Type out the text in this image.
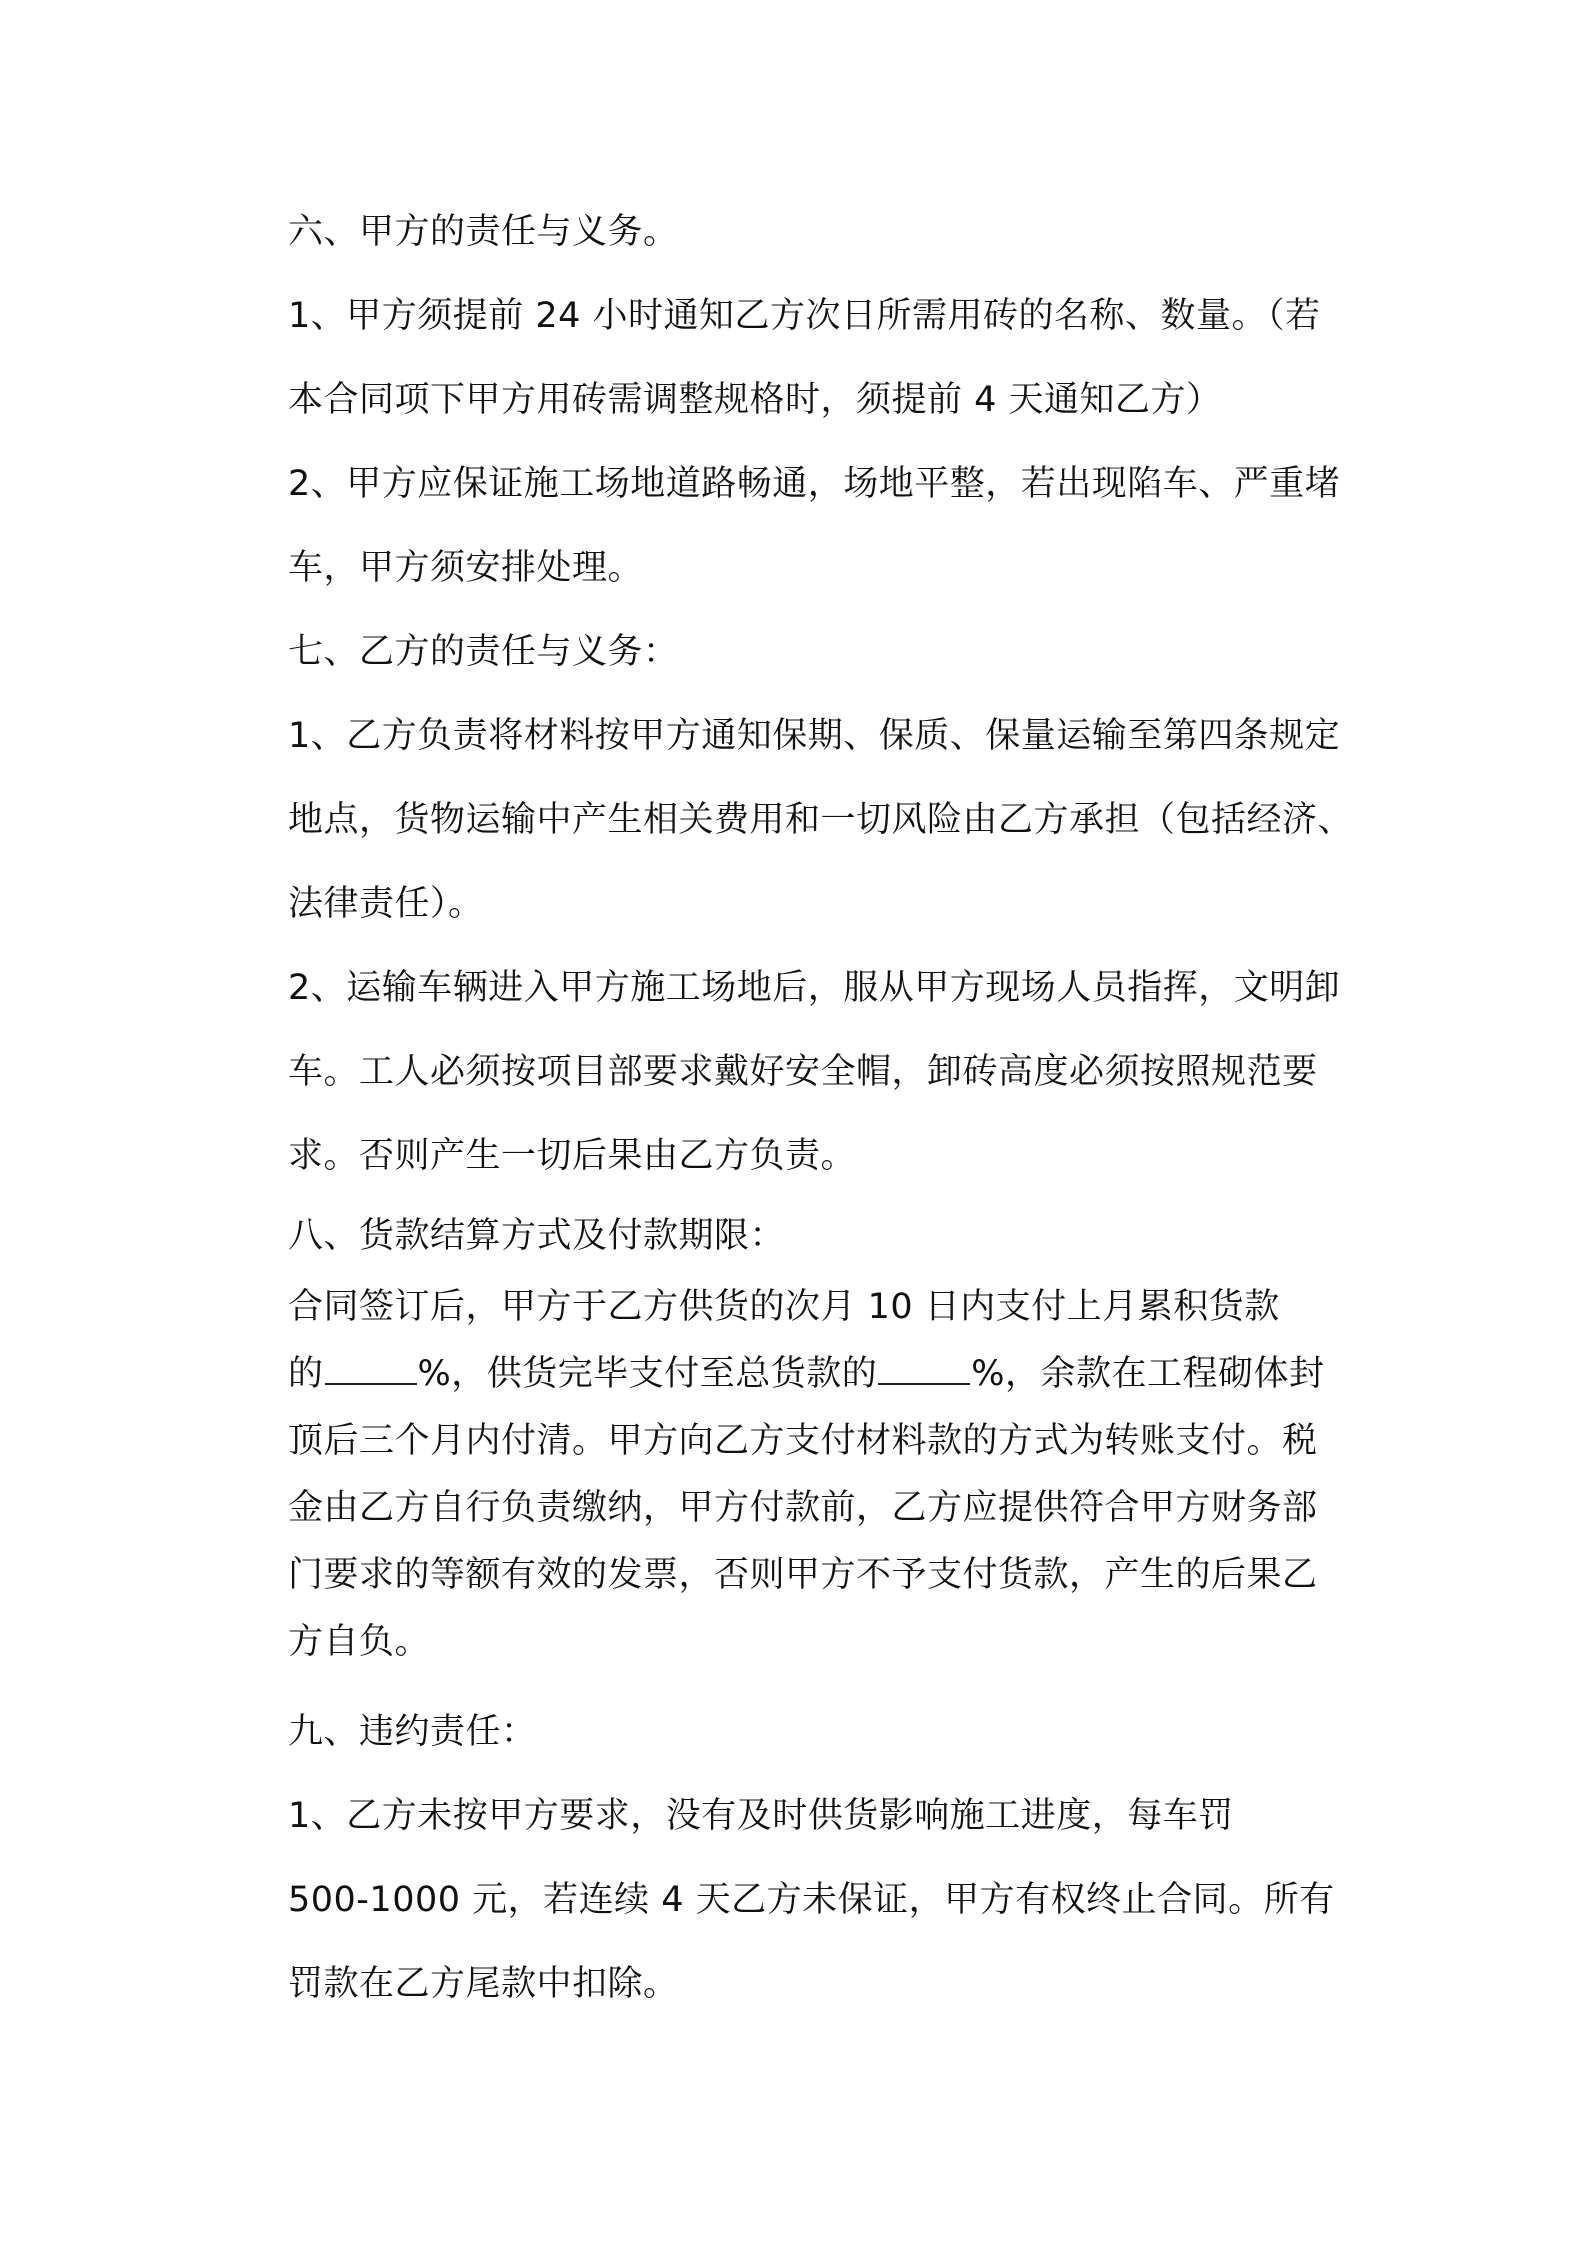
六、甲方的责任与义务。

1、甲方须提前 24 小时通知乙方次日所需用砖的名称、数量。（若
本合同项下甲方用砖需调整规格时，须提前 4 天通知乙方）

2、甲方应保证施工场地道路畅通，场地平整，若出现陷车、严重堵
车，甲方须安排处理。

七、乙方的责任与义务：

1、乙方负责将材料按甲方通知保期、保质、保量运输至第四条规定
地点，货物运输中产生相关费用和一切风险由乙方承担（包括经济、
法律责任）。

2、运输车辆进入甲方施工场地后，服从甲方现场人员指挥，文明卸
车。工人必须按项目部要求戴好安全帽，卸砖高度必须按照规范要
求。否则产生一切后果由乙方负责。

八、货款结算方式及付款期限：

合同签订后，甲方于乙方供货的次月 10 日内支付上月累积货款
的	%，供货完毕支付至总货款的	%，余款在工程砌体封
顶后三个月内付清。甲方向乙方支付材料款的方式为转账支付。税
金由乙方自行负责缴纳，甲方付款前，乙方应提供符合甲方财务部
门要求的等额有效的发票，否则甲方不予支付货款，产生的后果乙
方自负。

九、违约责任：

1、乙方未按甲方要求，没有及时供货影响施工进度，每车罚
500-1000 元，若连续 4 天乙方未保证，甲方有权终止合同。所有
罚款在乙方尾款中扣除。
